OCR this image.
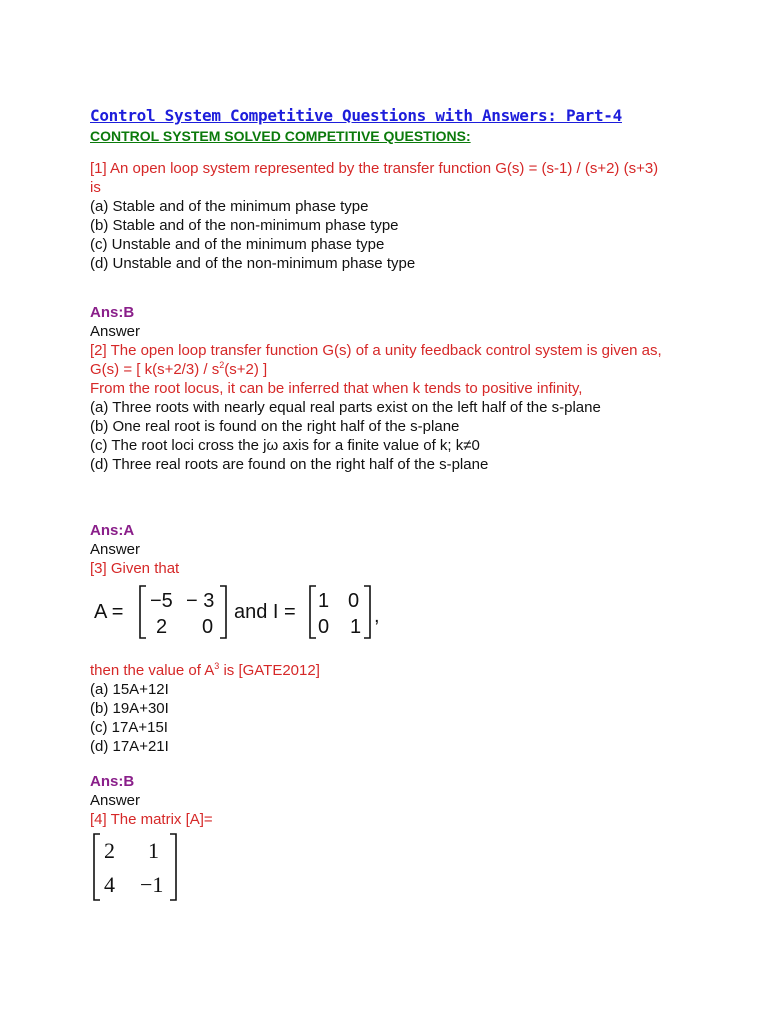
Control System Competitive Questions with Answers: Part-4
CONTROL SYSTEM SOLVED COMPETITIVE QUESTIONS:
[1] An open loop system represented by the transfer function G(s) = (s-1) / (s+2) (s+3) is
(a) Stable and of the minimum phase type
(b) Stable and of the non-minimum phase type
(c) Unstable and of the minimum phase type
(d) Unstable and of the non-minimum phase type
Ans:B
Answer
[2] The open loop transfer function G(s) of a unity feedback control system is given as,
G(s) = [ $k(s+2/3) / s^2(s+2)$ ]
From the root locus, it can be inferred that when k tends to positive infinity,
(a) Three roots with nearly equal real parts exist on the left half of the s-plane
(b) One real root is found on the right half of the s-plane
(c) The root loci cross the jω axis for a finite value of k; k≠0
(d) Three real roots are found on the right half of the s-plane
Ans:A
Answer
[3] Given that
A = −5 − 3
2 0
and I = 1 0
0 1 ,
then the value of $A^3$ is [GATE2012]
(a) 15A+12I
(b) 19A+30I
(c) 17A+15I
(d) 17A+21I
Ans:B
Answer
[4] The matrix [A]=
2 1
4 −1
